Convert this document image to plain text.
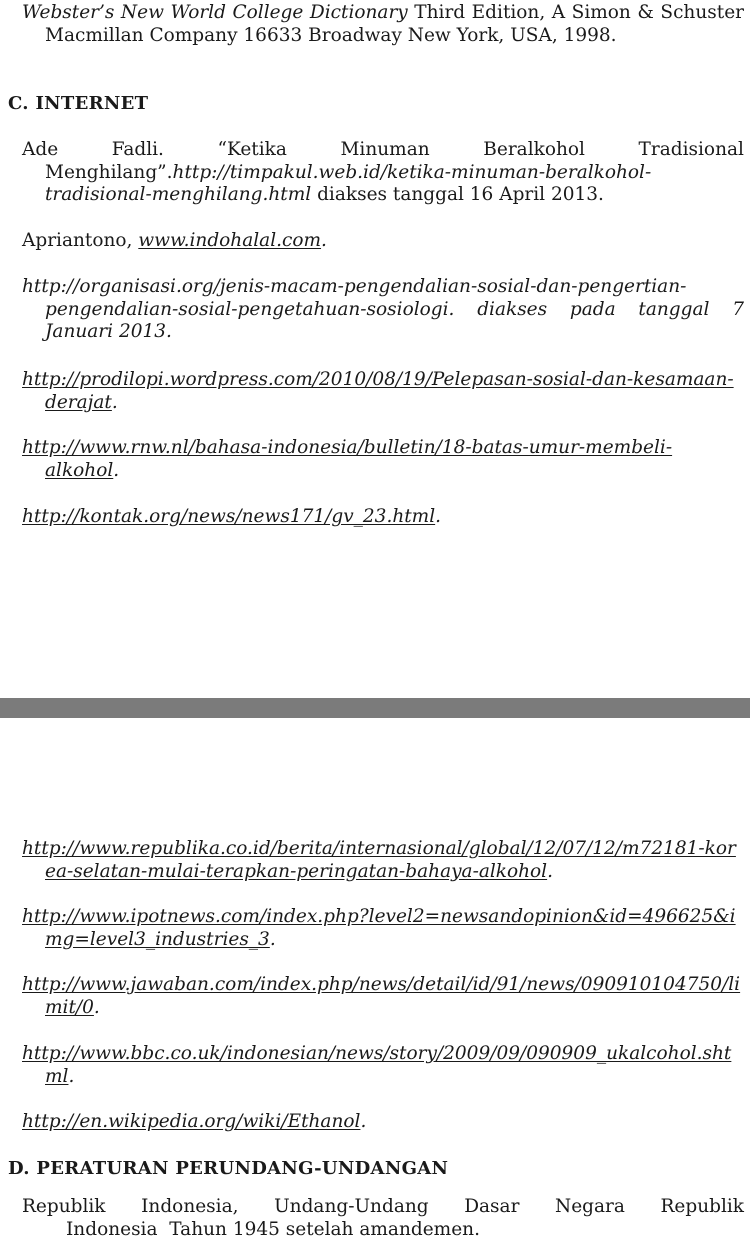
Webster’s New World College Dictionary Third Edition, A Simon & Schuster Macmillan Company 16633 Broadway New York, USA, 1998.
C. INTERNET
Ade	Fadli.	“Ketika	Minuman	Beralkohol	Tradisional
Menghilang”.http://timpakul.web.id/ketika-minuman-beralkohol-tradisional-menghilang.html diakses tanggal 16 April 2013.
Apriantono, www.indohalal.com.
http://organisasi.org/jenis-macam-pengendalian-sosial-dan-pengertian-pengendalian-sosial-pengetahuan-sosiologi. diakses pada tanggal 7 Januari 2013.
http://prodilopi.wordpress.com/2010/08/19/Pelepasan-sosial-dan-kesamaan-derajat.
http://www.rnw.nl/bahasa-indonesia/bulletin/18-batas-umur-membeli-alkohol.
http://kontak.org/news/news171/gv_23.html.
http://www.republika.co.id/berita/internasional/global/12/07/12/m72181-korea-selatan-mulai-terapkan-peringatan-bahaya-alkohol.
http://www.ipotnews.com/index.php?level2=newsandopinion&id=496625&img=level3_industries_3.
http://www.jawaban.com/index.php/news/detail/id/91/news/090910104750/limit/0.
http://www.bbc.co.uk/indonesian/news/story/2009/09/090909_ukalcohol.shtml.
http://en.wikipedia.org/wiki/Ethanol.
D. PERATURAN PERUNDANG-UNDANGAN
Republik Indonesia, Undang-Undang Dasar Negara Republik
Indonesia  Tahun 1945 setelah amandemen.
